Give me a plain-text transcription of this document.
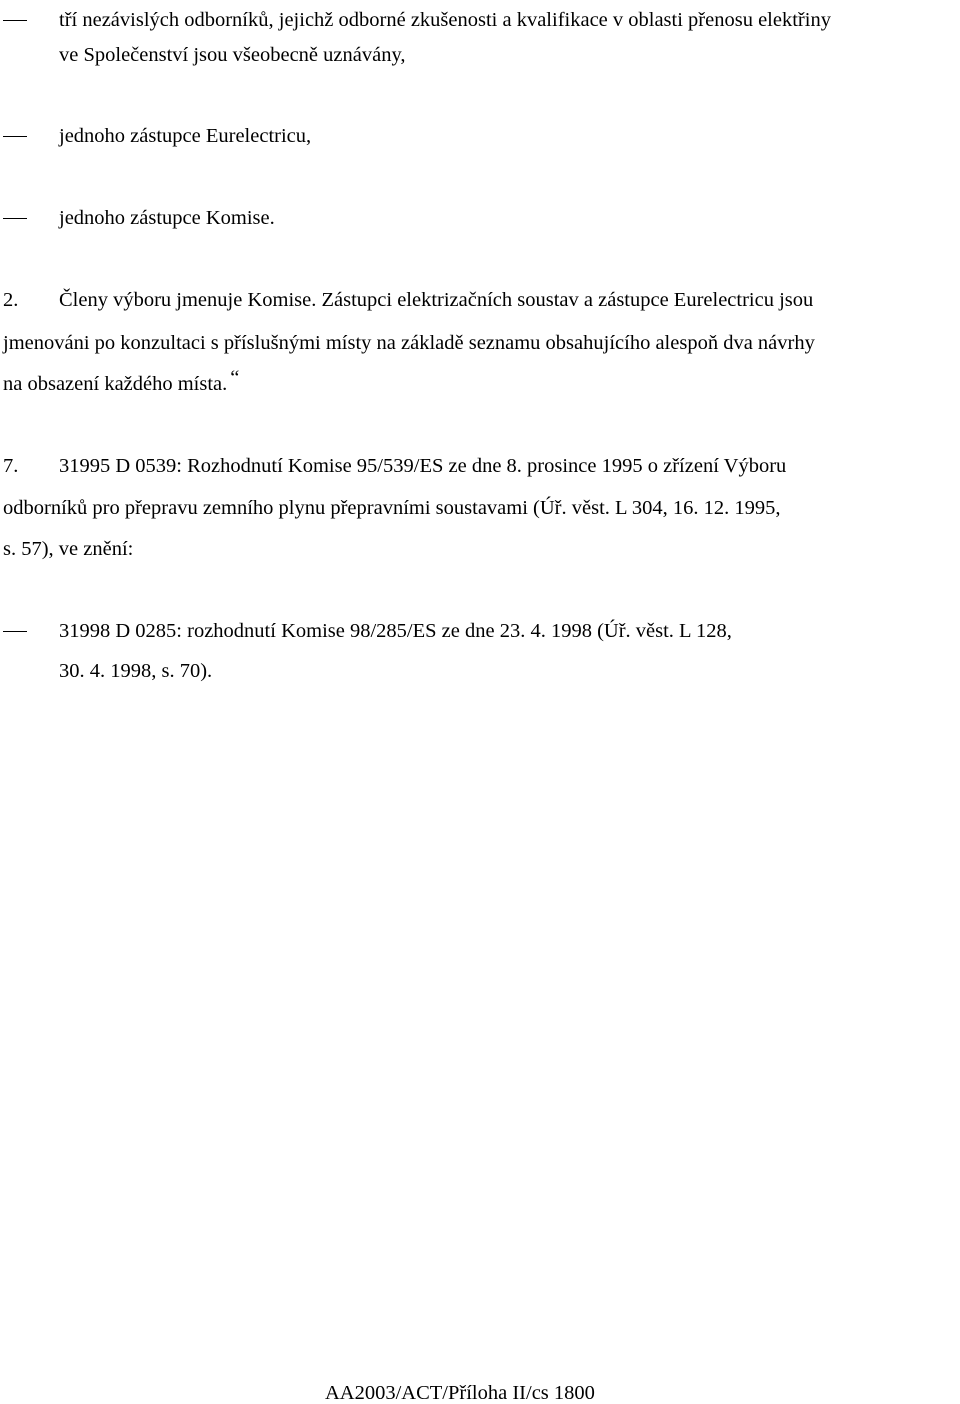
tří nezávislých odborníků, jejichž odborné zkušenosti a kvalifikace v oblasti přenosu elektřiny
ve Společenství jsou všeobecně uznávány,
jednoho zástupce Eurelectricu,
jednoho zástupce Komise.
2. Členy výboru jmenuje Komise. Zástupci elektrizačních soustav a zástupce Eurelectricu jsou
jmenováni po konzultaci s příslušnými místy na základě seznamu obsahujícího alespoň dva návrhy
na obsazení každého místa. “
7. 31995 D 0539: Rozhodnutí Komise 95/539/ES ze dne 8. prosince 1995 o zřízení Výboru
odborníků pro přepravu zemního plynu přepravními soustavami (Úř. věst. L 304, 16. 12. 1995,
s. 57), ve znění:
31998 D 0285: rozhodnutí Komise 98/285/ES ze dne 23. 4. 1998 (Úř. věst. L 128,
30. 4. 1998, s. 70).
AA2003/ACT/Příloha II/cs 1800
